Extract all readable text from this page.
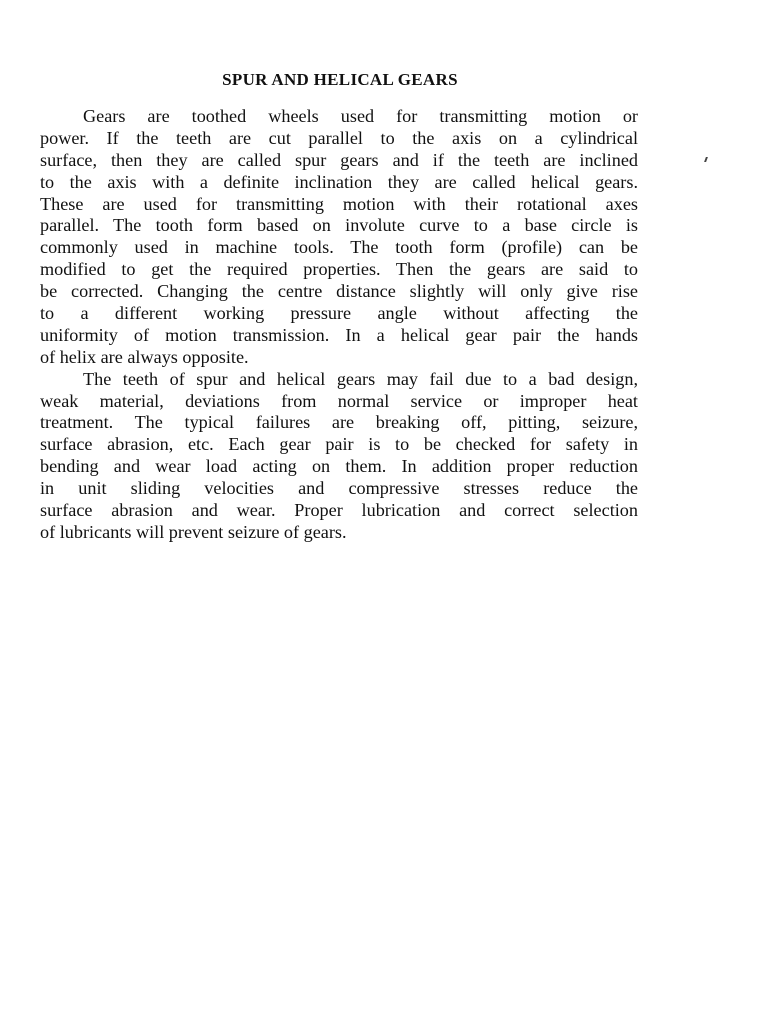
SPUR AND HELICAL GEARS
Gears are toothed wheels used for transmitting motion or
power. If the teeth are cut parallel to the axis on a cylindrical
surface, then they are called spur gears and if the teeth are inclined
to the axis with a definite inclination they are called helical gears.
These are used for transmitting motion with their rotational axes
parallel. The tooth form based on involute curve to a base circle is
commonly used in machine tools. The tooth form (profile) can be
modified to get the required properties. Then the gears are said to
be corrected. Changing the centre distance slightly will only give rise
to a different working pressure angle without affecting the
uniformity of motion transmission. In a helical gear pair the hands
of helix are always opposite.
The teeth of spur and helical gears may fail due to a bad design,
weak material, deviations from normal service or improper heat
treatment. The typical failures are breaking off, pitting, seizure,
surface abrasion, etc. Each gear pair is to be checked for safety in
bending and wear load acting on them. In addition proper reduction
in unit sliding velocities and compressive stresses reduce the
surface abrasion and wear. Proper lubrication and correct selection
of lubricants will prevent seizure of gears.
